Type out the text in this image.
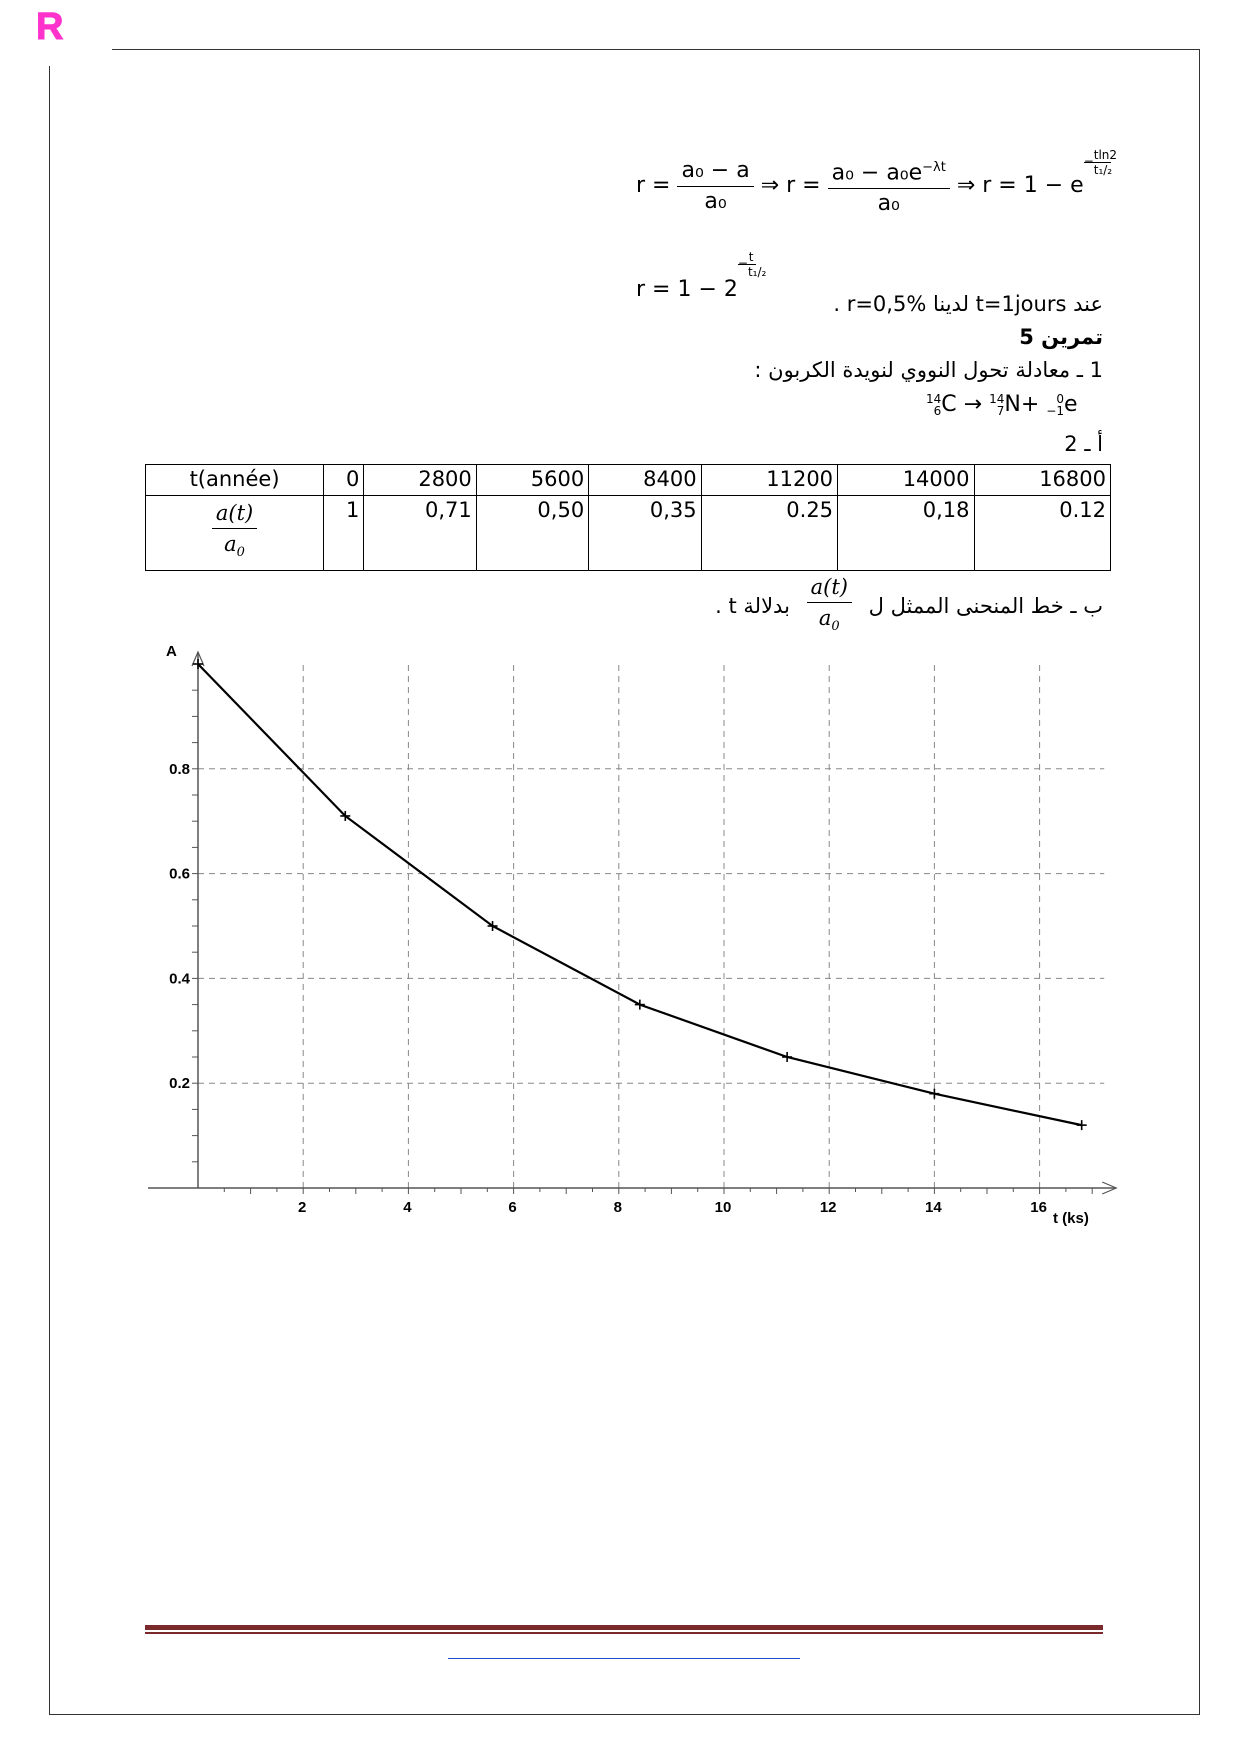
R
$r = \frac{\text{a₀ − a}}{\text{a₀}}$ ⇒ $r = \frac{a_0 - a_0e^{-\lambda t}}{\text{a₀}}$ ⇒ r = 1 − e
− tln2
t₁/₂
r = 1 − 2
− t
t₁/₂
عند t=1jours لدينا r=0,5% .
تمرين 5
1 ـ معادلة تحول النووي لنويدة الكربون :
14
6 C → 14
7 N+	0
−1 e
أ ـ 2
t(année)	0	2800	5600	8400	11200	14000	16800

$\frac{a(t)}{a_0}$	1	0,71	0,50	0,35	0.25	0,18	0.12
ب ـ خط المنحنى الممثل ل
$\frac{a(t)}{a_0}$
بدلالة t .
2	4	6	8	10	12	14	16
0.2
0.4
0.6
0.8
A
t (ks)
